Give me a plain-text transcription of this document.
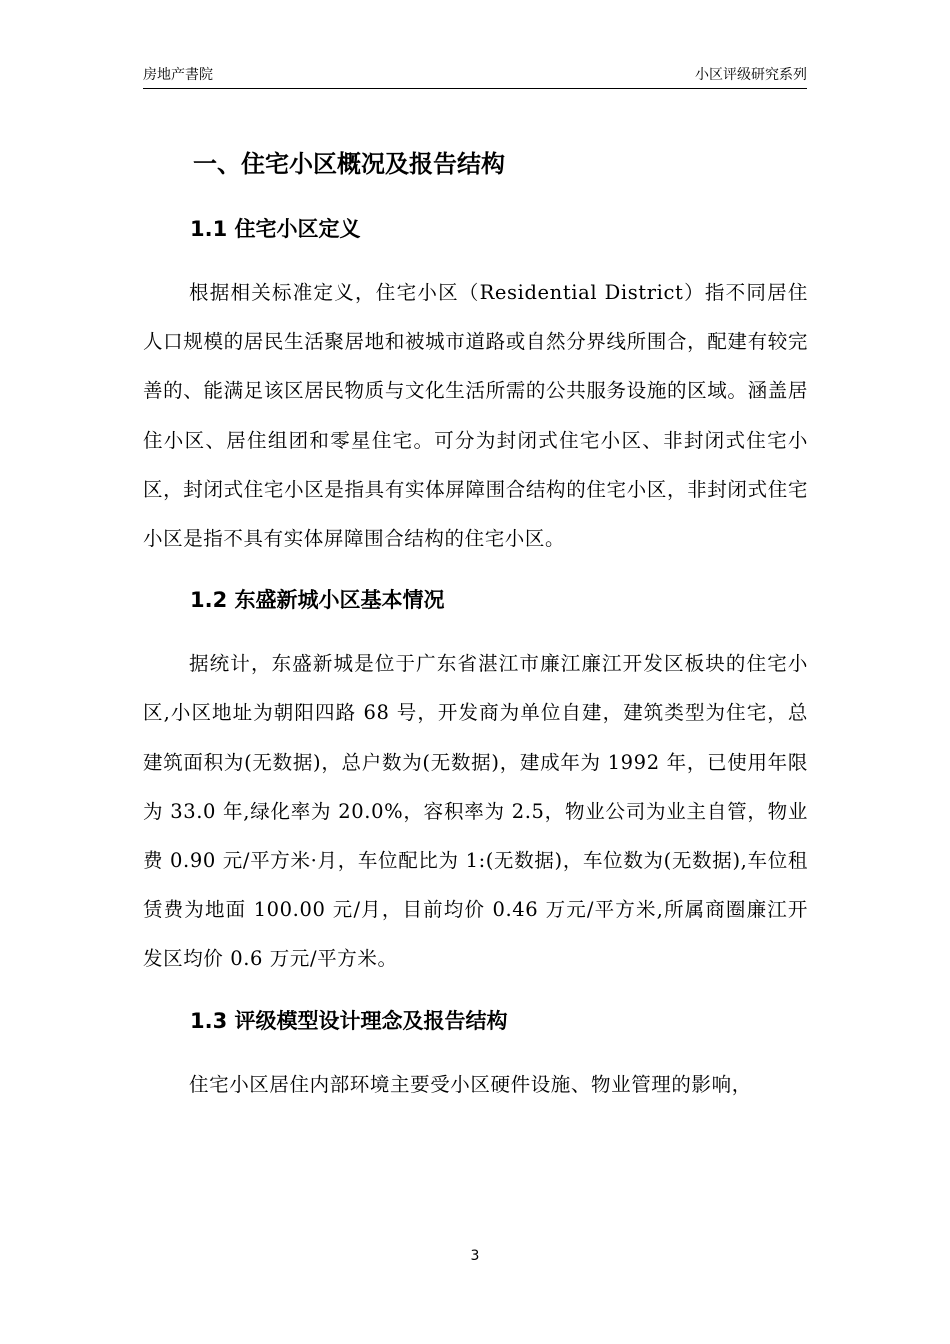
房地产書院	小区评级研究系列
一、住宅小区概况及报告结构
1.1 住宅小区定义

根据相关标准定义，住宅小区（Residential District）指不同居住人口规模的居民生活聚居地和被城市道路或自然分界线所围合，配建有较完善的、能满足该区居民物质与文化生活所需的公共服务设施的区域。涵盖居住小区、居住组团和零星住宅。可分为封闭式住宅小区、非封闭式住宅小区，封闭式住宅小区是指具有实体屏障围合结构的住宅小区，非封闭式住宅小区是指不具有实体屏障围合结构的住宅小区。

1.2 东盛新城小区基本情况

据统计，东盛新城是位于广东省湛江市廉江廉江开发区板块的住宅小区,小区地址为朝阳四路 68 号，开发商为单位自建，建筑类型为住宅，总建筑面积为(无数据)，总户数为(无数据)，建成年为 1992 年，已使用年限为 33.0 年,绿化率为 20.0%，容积率为 2.5，物业公司为业主自管，物业费 0.90 元/平方米·月，车位配比为 1:(无数据)，车位数为(无数据),车位租赁费为地面 100.00 元/月，目前均价 0.46 万元/平方米,所属商圈廉江开发区均价 0.6 万元/平方米。

1.3 评级模型设计理念及报告结构

住宅小区居住内部环境主要受小区硬件设施、物业管理的影响，

3
